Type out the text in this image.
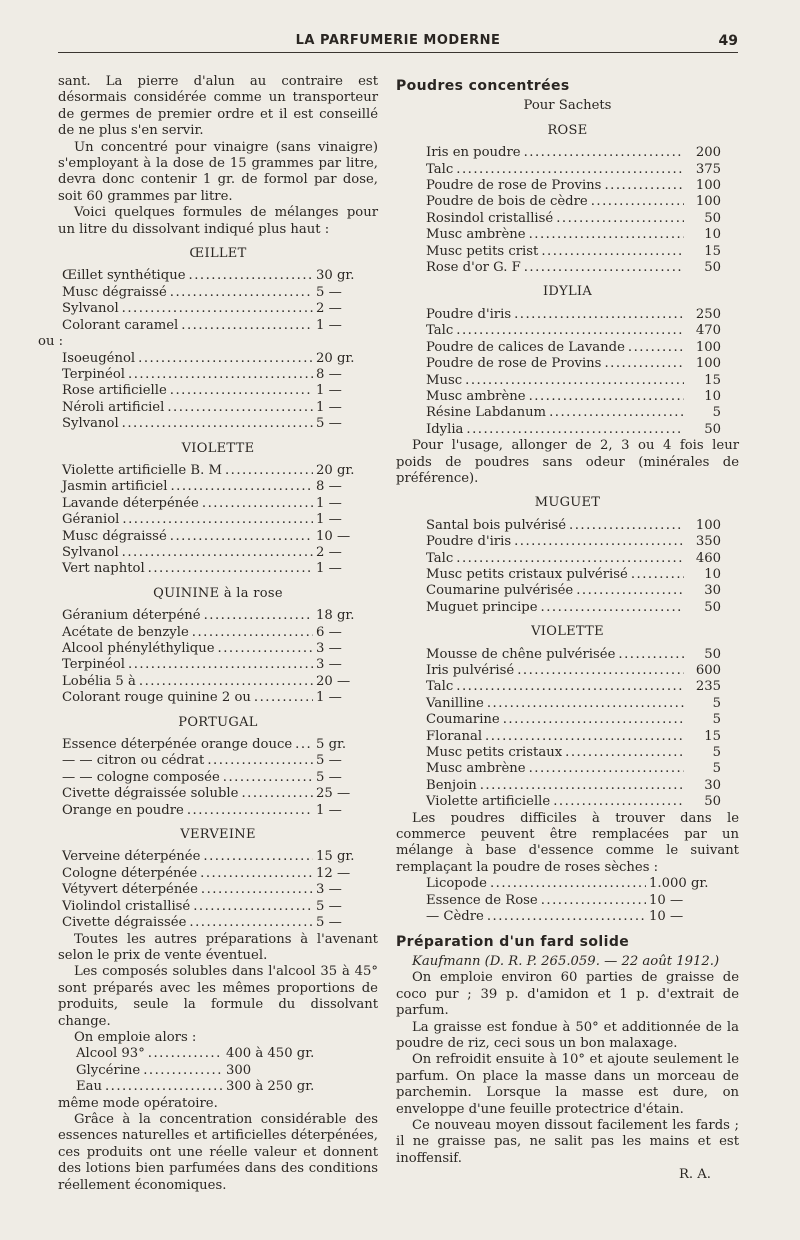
LA PARFUMERIE MODERNE	49

sant. La pierre d'alun au contraire est désormais considérée comme un transporteur de germes de premier ordre et il est conseillé de ne plus s'en servir.

Un concentré pour vinaigre (sans vinaigre) s'employant à la dose de 15 grammes par litre, devra donc contenir 1 gr. de formol par dose, soit 60 grammes par litre.

Voici quelques formules de mélanges pour un litre du dissolvant indiqué plus haut :

ŒILLET
Œillet synthétique .....	30 gr.
Musc dégraissé .....	5 —
Sylvanol .....	2 —
Colorant caramel .....	1 —
ou :
Isoeugénol .....	20 gr.
Terpinéol .....	8 —
Rose artificielle .....	1 —
Néroli artificiel .....	1 —
Sylvanol .....	5 —
VIOLETTE
Violette artificielle B. M .....	20 gr.
Jasmin artificiel .....	8 —
Lavande déterpénée .....	1 —
Géraniol .....	1 —
Musc dégraissé .....	10 —
Sylvanol .....	2 —
Vert naphtol .....	1 —
QUININE à la rose
Géranium déterpéné .....	18 gr.
Acétate de benzyle .....	6 —
Alcool phényléthylique .....	3 —
Terpinéol .....	3 —
Lobélia 5 à .....	20 —
Colorant rouge quinine 2 ou .....	1 —
PORTUGAL
Essence déterpénée orange douce ..... 5 gr.
— — citron ou cédrat .....	5 —
— — cologne composée .....	5 —
Civette dégraissée soluble .....	25 —
Orange en poudre .....	1 —
VERVEINE
Verveine déterpénée .....	15 gr.
Cologne déterpénée .....	12 —
Vétyvert déterpénée .....	3 —
Violindol cristallisé .....	5 —
Civette dégraissée .....	5 —

Toutes les autres préparations à l'avenant selon le prix de vente éventuel.

Les composés solubles dans l'alcool 35 à 45° sont préparés avec les mêmes proportions de produits, seule la formule du dissolvant change.

On emploie alors :

Alcool 93° .....	400 à 450 gr.
Glycérine .....	300
Eau .....	300 à 250 gr.

même mode opératoire.

Grâce à la concentration considérable des essences naturelles et artificielles déterpénées, ces produits ont une réelle valeur et donnent des lotions bien parfumées dans des conditions réellement économiques.

Poudres concentrées
Pour Sachets
ROSE
Iris en poudre .....	200
Talc .....	375
Poudre de rose de Provins .....	100
Poudre de bois de cèdre .....	100
Rosindol cristallisé .....	50
Musc ambrène .....	10
Musc petits crist .....	15
Rose d'or G. F .....	50
IDYLIA
Poudre d'iris .....	250
Talc .....	470
Poudre de calices de Lavande .....	100
Poudre de rose de Provins .....	100
Musc .....	15
Musc ambrène .....	10
Résine Labdanum .....	5
Idylia .....	50

Pour l'usage, allonger de 2, 3 ou 4 fois leur poids de poudres sans odeur (minérales de préférence).

MUGUET
Santal bois pulvérisé .....	100
Poudre d'iris .....	350
Talc .....	460
Musc petits cristaux pulvérisé .....	10
Coumarine pulvérisée .....	30
Muguet principe .....	50
VIOLETTE
Mousse de chêne pulvérisée .....	50
Iris pulvérisé .....	600
Talc .....	235
Vanilline .....	5
Coumarine .....	5
Floranal .....	15
Musc petits cristaux .....	5
Musc ambrène .....	5
Benjoin .....	30
Violette artificielle .....	50

Les poudres difficiles à trouver dans le commerce peuvent être remplacées par un mélange à base d'essence comme le suivant remplaçant la poudre de roses sèches :

Licopode .....	1.000 gr.
Essence de Rose .....	10 —
— Cèdre .....	10 —
Préparation d'un fard solide

Kaufmann (D. R. P. 265.059. — 22 août 1912.)

On emploie environ 60 parties de graisse de coco pur ; 39 p. d'amidon et 1 p. d'extrait de parfum.

La graisse est fondue à 50° et additionnée de la poudre de riz, ceci sous un bon malaxage.

On refroidit ensuite à 10° et ajoute seulement le parfum. On place la masse dans un morceau de parchemin. Lorsque la masse est dure, on enveloppe d'une feuille protectrice d'étain.

Ce nouveau moyen dissout facilement les fards ; il ne graisse pas, ne salit pas les mains et est inoffensif.

R. A.
